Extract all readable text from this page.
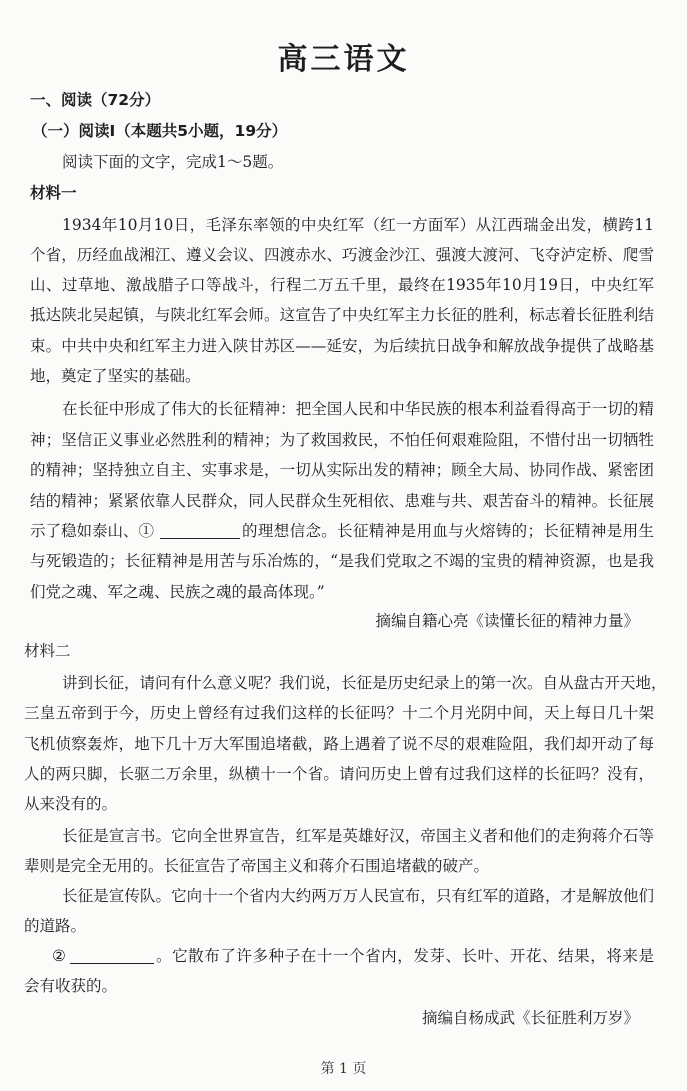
高三语文

一、阅读（72分）

（一）阅读Ⅰ（本题共5小题，19分）

阅读下面的文字，完成1～5题。

材料一

1934年10月10日，毛泽东率领的中央红军（红一方面军）从江西瑞金出发，横跨11

个省，历经血战湘江、遵义会议、四渡赤水、巧渡金沙江、强渡大渡河、飞夺泸定桥、爬雪

山、过草地、激战腊子口等战斗，行程二万五千里，最终在1935年10月19日，中央红军

抵达陕北吴起镇，与陕北红军会师。这宣告了中央红军主力长征的胜利，标志着长征胜利结

束。中共中央和红军主力进入陕甘苏区——延安，为后续抗日战争和解放战争提供了战略基

地，奠定了坚实的基础。

在长征中形成了伟大的长征精神：把全国人民和中华民族的根本利益看得高于一切的精

神；坚信正义事业必然胜利的精神；为了救国救民，不怕任何艰难险阻，不惜付出一切牺牲

的精神；坚持独立自主、实事求是，一切从实际出发的精神；顾全大局、协同作战、紧密团

结的精神；紧紧依靠人民群众，同人民群众生死相依、患难与共、艰苦奋斗的精神。长征展

示了稳如泰山、①	的理想信念。长征精神是用血与火熔铸的；长征精神是用生

与死锻造的；长征精神是用苦与乐冶炼的，“是我们党取之不竭的宝贵的精神资源，也是我

们党之魂、军之魂、民族之魂的最高体现。”

摘编自籍心亮《读懂长征的精神力量》

材料二

讲到长征，请问有什么意义呢？我们说，长征是历史纪录上的第一次。自从盘古开天地，

三皇五帝到于今，历史上曾经有过我们这样的长征吗？十二个月光阴中间，天上每日几十架

飞机侦察轰炸，地下几十万大军围追堵截，路上遇着了说不尽的艰难险阻，我们却开动了每

人的两只脚，长驱二万余里，纵横十一个省。请问历史上曾有过我们这样的长征吗？没有，

从来没有的。

长征是宣言书。它向全世界宣告，红军是英雄好汉，帝国主义者和他们的走狗蒋介石等

辈则是完全无用的。长征宣告了帝国主义和蒋介石围追堵截的破产。

长征是宣传队。它向十一个省内大约两万万人民宣布，只有红军的道路，才是解放他们

的道路。

②	。它散布了许多种子在十一个省内，发芽、长叶、开花、结果，将来是

会有收获的。

摘编自杨成武《长征胜利万岁》
第 1 页
